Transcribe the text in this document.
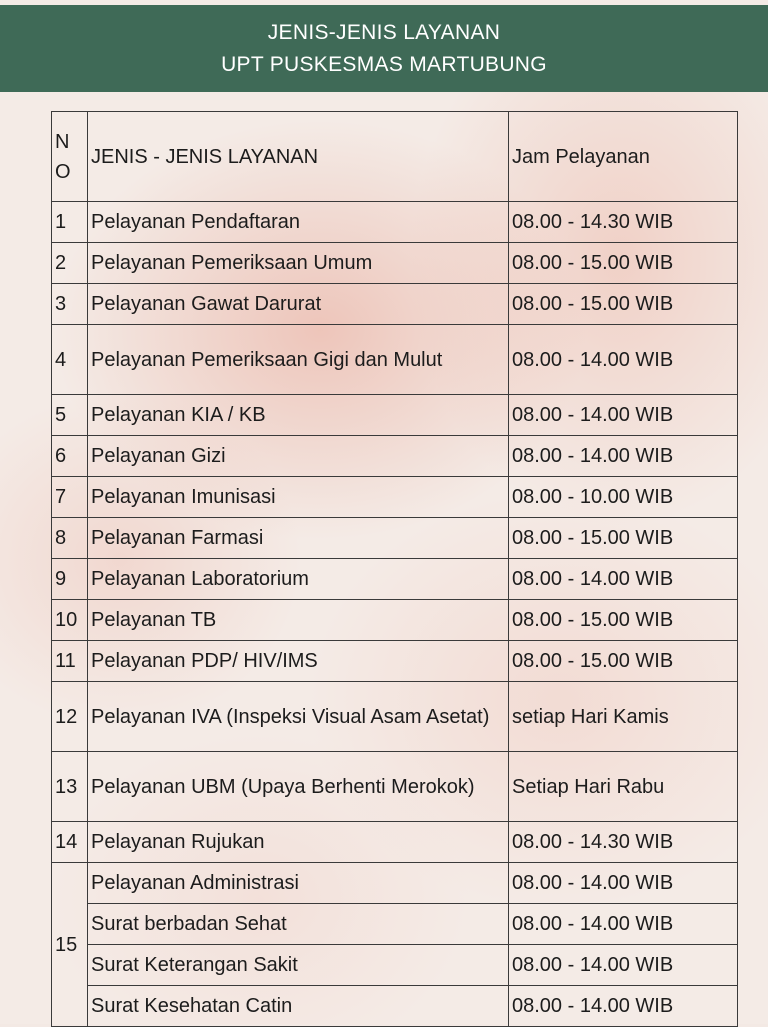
JENIS-JENIS LAYANAN
UPT PUSKESMAS MARTUBUNG
N
O	JENIS - JENIS LAYANAN	Jam Pelayanan
1	Pelayanan Pendaftaran	08.00 - 14.30 WIB
2	Pelayanan Pemeriksaan Umum	08.00 - 15.00 WIB
3	Pelayanan Gawat Darurat	08.00 - 15.00 WIB
4	Pelayanan Pemeriksaan Gigi dan Mulut	08.00 - 14.00 WIB
5	Pelayanan KIA / KB	08.00 - 14.00 WIB
6	Pelayanan Gizi	08.00 - 14.00 WIB
7	Pelayanan Imunisasi	08.00 - 10.00 WIB
8	Pelayanan Farmasi	08.00 - 15.00 WIB
9	Pelayanan Laboratorium	08.00 - 14.00 WIB
10	Pelayanan TB	08.00 - 15.00 WIB
11	Pelayanan PDP/ HIV/IMS	08.00 - 15.00 WIB
12	Pelayanan IVA (Inspeksi Visual Asam Asetat)	setiap Hari Kamis
13	Pelayanan UBM (Upaya Berhenti Merokok)	Setiap Hari Rabu
14	Pelayanan Rujukan	08.00 - 14.30 WIB
15	Pelayanan Administrasi	08.00 - 14.00 WIB
	Surat berbadan Sehat	08.00 - 14.00 WIB
	Surat Keterangan Sakit	08.00 - 14.00 WIB
	Surat Kesehatan Catin	08.00 - 14.00 WIB
